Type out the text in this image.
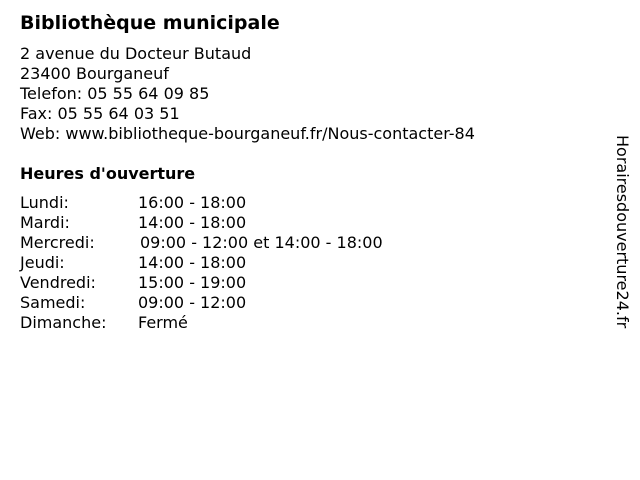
Bibliothèque municipale
2 avenue du Docteur Butaud
23400 Bourganeuf
Telefon: 05 55 64 09 85
Fax: 05 55 64 03 51
Web: www.bibliotheque-bourganeuf.fr/Nous-contacter-84
Heures d'ouverture
Lundi:	16:00 - 18:00
Mardi:	14:00 - 18:00
Mercredi:	09:00 - 12:00 et 14:00 - 18:00
Jeudi:	14:00 - 18:00
Vendredi:	15:00 - 19:00
Samedi:	09:00 - 12:00
Dimanche:	Fermé	Horairesdouverture24.fr
